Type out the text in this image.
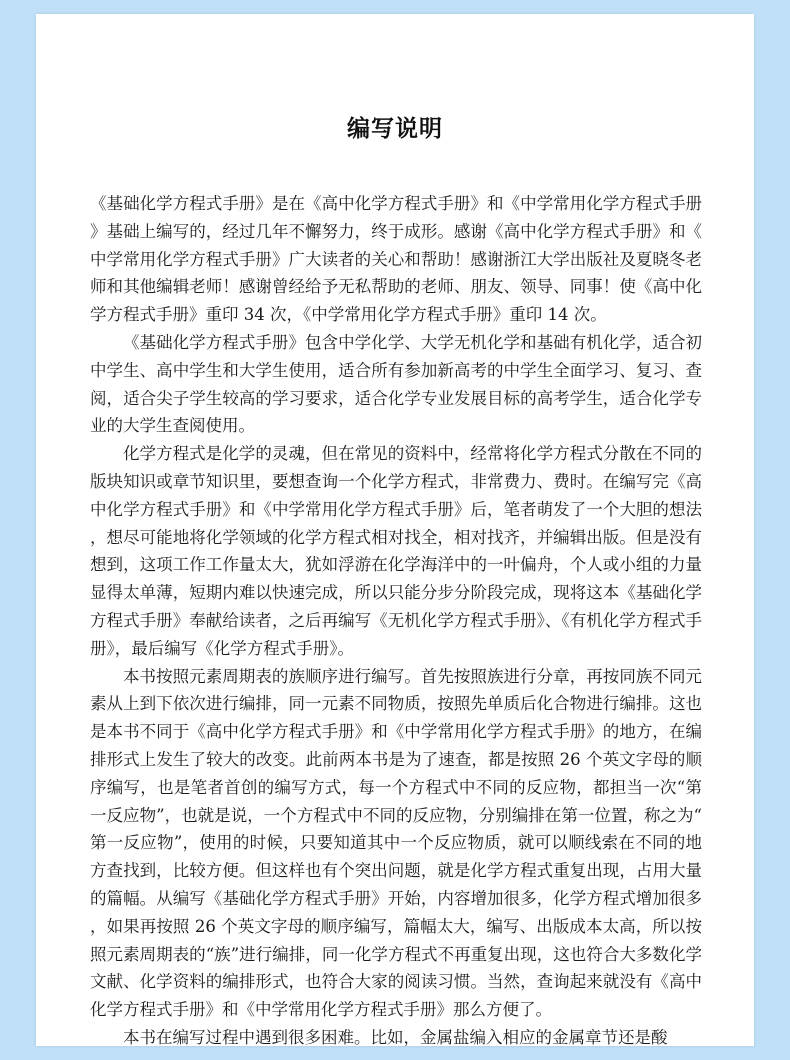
编写说明

《基础化学方程式手册》是在《高中化学方程式手册》和《中学常用化学方程式手册》基础上编写的，经过几年不懈努力，终于成形。感谢《高中化学方程式手册》和《中学常用化学方程式手册》广大读者的关心和帮助！感谢浙江大学出版社及夏晓冬老师和其他编辑老师！感谢曾经给予无私帮助的老师、朋友、领导、同事！使《高中化学方程式手册》重印 34 次，《中学常用化学方程式手册》重印 14 次。

《基础化学方程式手册》包含中学化学、大学无机化学和基础有机化学，适合初中学生、高中学生和大学生使用，适合所有参加新高考的中学生全面学习、复习、查阅，适合尖子学生较高的学习要求，适合化学专业发展目标的高考学生，适合化学专业的大学生查阅使用。

化学方程式是化学的灵魂，但在常见的资料中，经常将化学方程式分散在不同的版块知识或章节知识里，要想查询一个化学方程式，非常费力、费时。在编写完《高中化学方程式手册》和《中学常用化学方程式手册》后，笔者萌发了一个大胆的想法，想尽可能地将化学领域的化学方程式相对找全，相对找齐，并编辑出版。但是没有想到，这项工作工作量太大，犹如浮游在化学海洋中的一叶偏舟，个人或小组的力量显得太单薄，短期内难以快速完成，所以只能分步分阶段完成，现将这本《基础化学方程式手册》奉献给读者，之后再编写《无机化学方程式手册》、《有机化学方程式手册》，最后编写《化学方程式手册》。

本书按照元素周期表的族顺序进行编写。首先按照族进行分章，再按同族不同元素从上到下依次进行编排，同一元素不同物质，按照先单质后化合物进行编排。这也是本书不同于《高中化学方程式手册》和《中学常用化学方程式手册》的地方，在编排形式上发生了较大的改变。此前两本书是为了速查，都是按照 26 个英文字母的顺序编写，也是笔者首创的编写方式，每一个方程式中不同的反应物，都担当一次“第一反应物”，也就是说，一个方程式中不同的反应物，分别编排在第一位置，称之为“第一反应物”，使用的时候，只要知道其中一个反应物质，就可以顺线索在不同的地方查找到，比较方便。但这样也有个突出问题，就是化学方程式重复出现，占用大量的篇幅。从编写《基础化学方程式手册》开始，内容增加很多，化学方程式增加很多，如果再按照 26 个英文字母的顺序编写，篇幅太大，编写、出版成本太高，所以按照元素周期表的“族”进行编排，同一化学方程式不再重复出现，这也符合大多数化学文献、化学资料的编排形式，也符合大家的阅读习惯。当然，查询起来就没有《高中化学方程式手册》和《中学常用化学方程式手册》那么方便了。

本书在编写过程中遇到很多困难。比如，金属盐编入相应的金属章节还是酸
